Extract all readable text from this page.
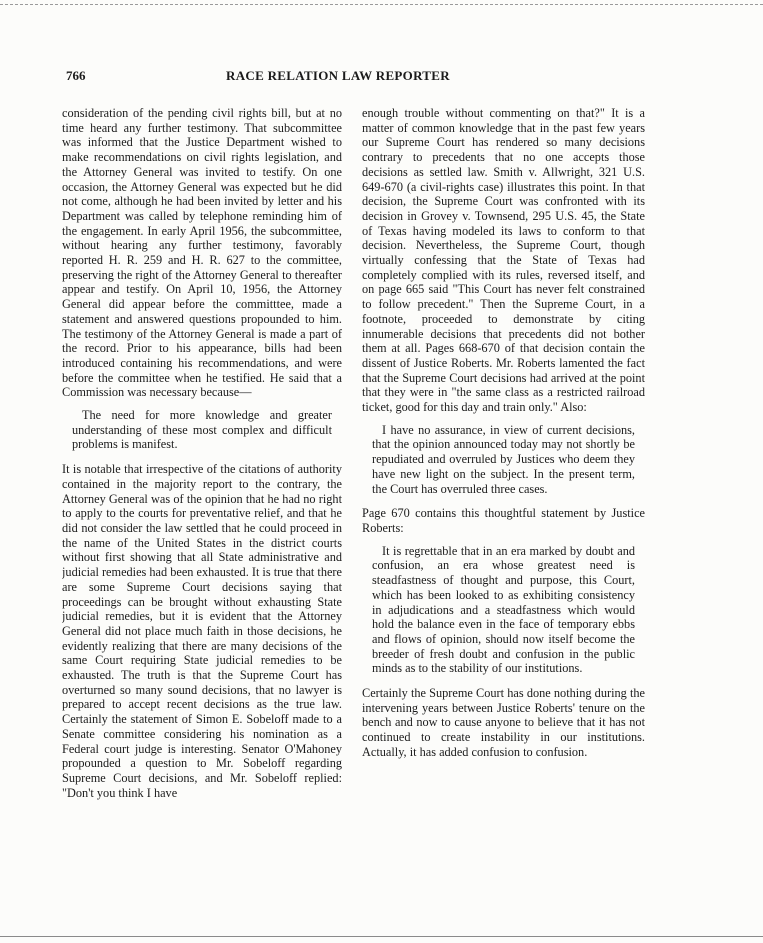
766	RACE RELATION LAW REPORTER

consideration of the pending civil rights bill, but at no time heard any further testimony. That subcommittee was informed that the Justice Department wished to make recommendations on civil rights legislation, and the Attorney General was invited to testify. On one occasion, the Attorney General was expected but he did not come, although he had been invited by letter and his Department was called by telephone reminding him of the engagement. In early April 1956, the subcommittee, without hearing any further testimony, favorably reported H. R. 259 and H. R. 627 to the committee, preserving the right of the Attorney General to thereafter appear and testify. On April 10, 1956, the Attorney General did appear before the committtee, made a statement and answered questions propounded to him. The testimony of the Attorney General is made a part of the record. Prior to his appearance, bills had been introduced containing his recommendations, and were before the committee when he testified. He said that a Commission was necessary because—

The need for more knowledge and greater understanding of these most complex and difficult problems is manifest.

It is notable that irrespective of the citations of authority contained in the majority report to the contrary, the Attorney General was of the opinion that he had no right to apply to the courts for preventative relief, and that he did not consider the law settled that he could proceed in the name of the United States in the district courts without first showing that all State administrative and judicial remedies had been exhausted. It is true that there are some Supreme Court decisions saying that proceedings can be brought without exhausting State judicial remedies, but it is evident that the Attorney General did not place much faith in those decisions, he evidently realizing that there are many decisions of the same Court requiring State judicial remedies to be exhausted. The truth is that the Supreme Court has overturned so many sound decisions, that no lawyer is prepared to accept recent decisions as the true law. Certainly the statement of Simon E. Sobeloff made to a Senate committee considering his nomination as a Federal court judge is interesting. Senator O'Mahoney propounded a question to Mr. Sobeloff regarding Supreme Court decisions, and Mr. Sobeloff replied: "Don't you think I have

enough trouble without commenting on that?" It is a matter of common knowledge that in the past few years our Supreme Court has rendered so many decisions contrary to precedents that no one accepts those decisions as settled law. Smith v. Allwright, 321 U.S. 649-670 (a civil-rights case) illustrates this point. In that decision, the Supreme Court was confronted with its decision in Grovey v. Townsend, 295 U.S. 45, the State of Texas having modeled its laws to conform to that decision. Nevertheless, the Supreme Court, though virtually confessing that the State of Texas had completely complied with its rules, reversed itself, and on page 665 said "This Court has never felt constrained to follow precedent." Then the Supreme Court, in a footnote, proceeded to demonstrate by citing innumerable decisions that precedents did not bother them at all. Pages 668-670 of that decision contain the dissent of Justice Roberts. Mr. Roberts lamented the fact that the Supreme Court decisions had arrived at the point that they were in "the same class as a restricted railroad ticket, good for this day and train only." Also:

I have no assurance, in view of current decisions, that the opinion announced today may not shortly be repudiated and overruled by Justices who deem they have new light on the subject. In the present term, the Court has overruled three cases.

Page 670 contains this thoughtful statement by Justice Roberts:

It is regrettable that in an era marked by doubt and confusion, an era whose greatest need is steadfastness of thought and purpose, this Court, which has been looked to as exhibiting consistency in adjudications and a steadfastness which would hold the balance even in the face of temporary ebbs and flows of opinion, should now itself become the breeder of fresh doubt and confusion in the public minds as to the stability of our institutions.

Certainly the Supreme Court has done nothing during the intervening years between Justice Roberts' tenure on the bench and now to cause anyone to believe that it has not continued to create instability in our institutions. Actually, it has added confusion to confusion.
